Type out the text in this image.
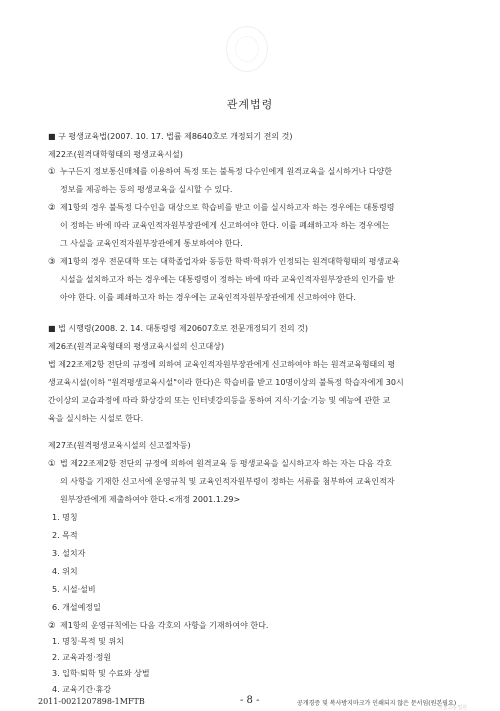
관계법령
■ 구 평생교육법(2007. 10. 17. 법률 제8640호로 개정되기 전의 것)
제22조(원격대학형태의 평생교육시설)
① 누구든지 정보통신매체를 이용하여 특정 또는 불특정 다수인에게 원격교육을 실시하거나 다양한
정보를 제공하는 등의 평생교육을 실시할 수 있다.
② 제1항의 경우 불특정 다수인을 대상으로 학습비를 받고 이를 실시하고자 하는 경우에는 대통령령
이 정하는 바에 따라 교육인적자원부장관에게 신고하여야 한다. 이를 폐쇄하고자 하는 경우에는
그 사실을 교육인적자원부장관에게 통보하여야 한다.
③ 제1항의 경우 전문대학 또는 대학졸업자와 동등한 학력·학위가 인정되는 원격대학형태의 평생교육
시설을 설치하고자 하는 경우에는 대통령령이 정하는 바에 따라 교육인적자원부장관의 인가를 받
아야 한다. 이를 폐쇄하고자 하는 경우에는 교육인적자원부장관에게 신고하여야 한다.
■ 법 시행령(2008. 2. 14. 대통령령 제20607호로 전문개정되기 전의 것)
제26조(원격교육형태의 평생교육시설의 신고대상)
법 제22조제2항 전단의 규정에 의하여 교육인적자원부장관에게 신고하여야 하는 원격교육형태의 평
생교육시설(이하 "원격평생교육시설"이라 한다)은 학습비를 받고 10명이상의 불특정 학습자에게 30시
간이상의 교습과정에 따라 화상강의 또는 인터넷강의등을 통하여 지식·기술·기능 및 예능에 관한 교
육을 실시하는 시설로 한다.
제27조(원격평생교육시설의 신고절차등)
① 법 제22조제2항 전단의 규정에 의하여 원격교육 등 평생교육을 실시하고자 하는 자는 다음 각호
의 사항을 기재한 신고서에 운영규칙 및 교육인적자원부령이 정하는 서류를 첨부하여 교육인적자
원부장관에게 제출하여야 한다.<개정 2001.1.29>
1. 명칭
2. 목적
3. 설치자
4. 위치
5. 시설·설비
6. 개설예정일
② 제1항의 운영규칙에는 다음 각호의 사항을 기재하여야 한다.
1. 명칭·목적 및 위치
2. 교육과정·정원
3. 입학·퇴학 및 수료와 상벌
4. 교육기간·휴강
2011-0021207898-1MFTB	- 8 -	공개경증 및 복사방지마크가 인쇄되지 않은 문서임(원본필요)
서울고등법원
